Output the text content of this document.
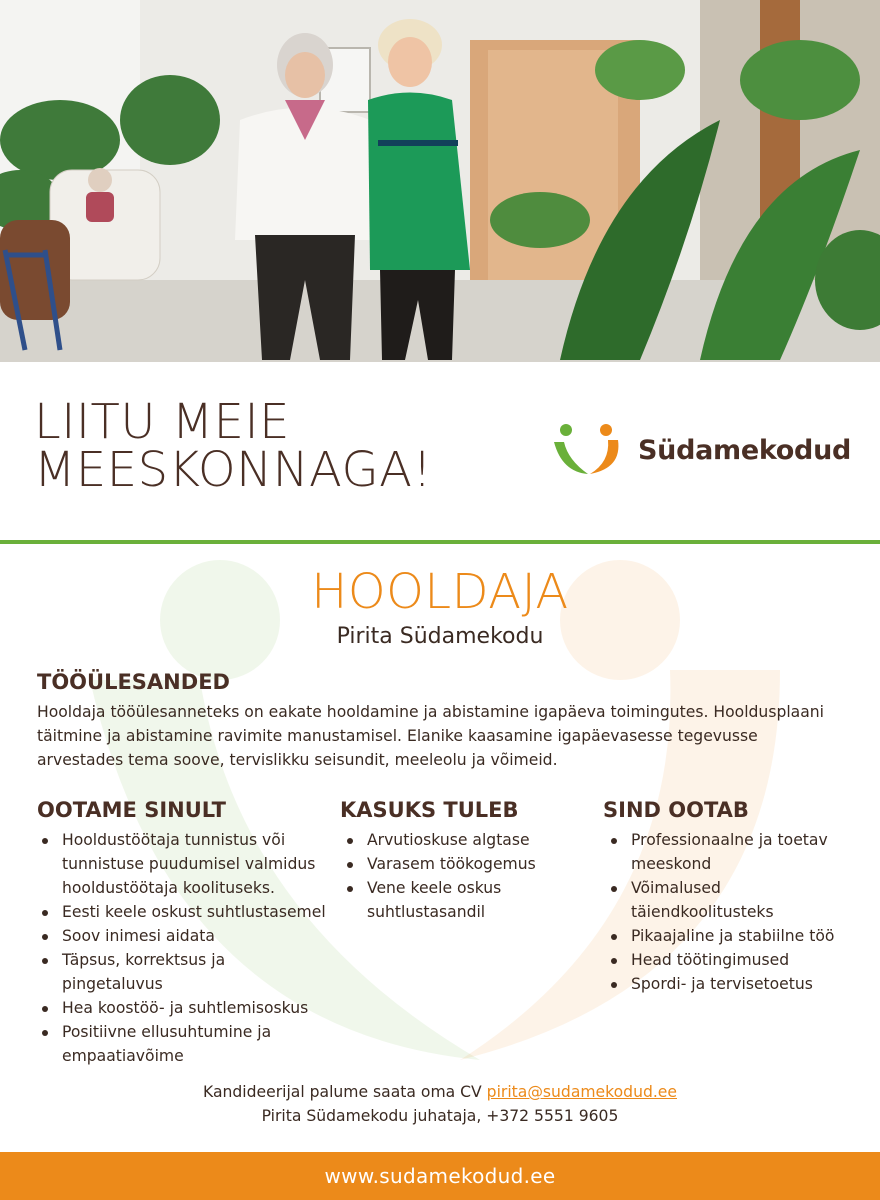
LIITU MEIE
MEESKONNAGA!	Südamekodud
HOOLDAJA
Pirita Südamekodu
TÖÖÜLESANDED

Hooldaja tööülesanneteks on eakate hooldamine ja abistamine igapäeva toimingutes. Hooldusplaani täitmine ja abistamine ravimite manustamisel. Elanike kaasamine igapäevasesse tegevusse arvestades tema soove, tervislikku seisundit, meeleolu ja võimeid.

OOTAME SINULT
Hooldustöötaja tunnistus või tunnistuse puudumisel valmidus hooldustöötaja koolituseks.
Eesti keele oskust suhtlustasemel
Soov inimesi aidata
Täpsus, korrektsus ja pingetaluvus
Hea koostöö- ja suhtlemisoskus
Positiivne ellusuhtumine ja empaatiavõime
KASUKS TULEB
Arvutioskuse algtase
Varasem töökogemus
Vene keele oskus suhtlustasandil
SIND OOTAB
Professionaalne ja toetav meeskond
Võimalused täiendkoolitusteks
Pikaajaline ja stabiilne töö
Head töötingimused
Spordi- ja tervisetoetus
Kandideerijal palume saata oma CV pirita@sudamekodud.ee
Pirita Südamekodu juhataja, +372 5551 9605
www.sudamekodud.ee
